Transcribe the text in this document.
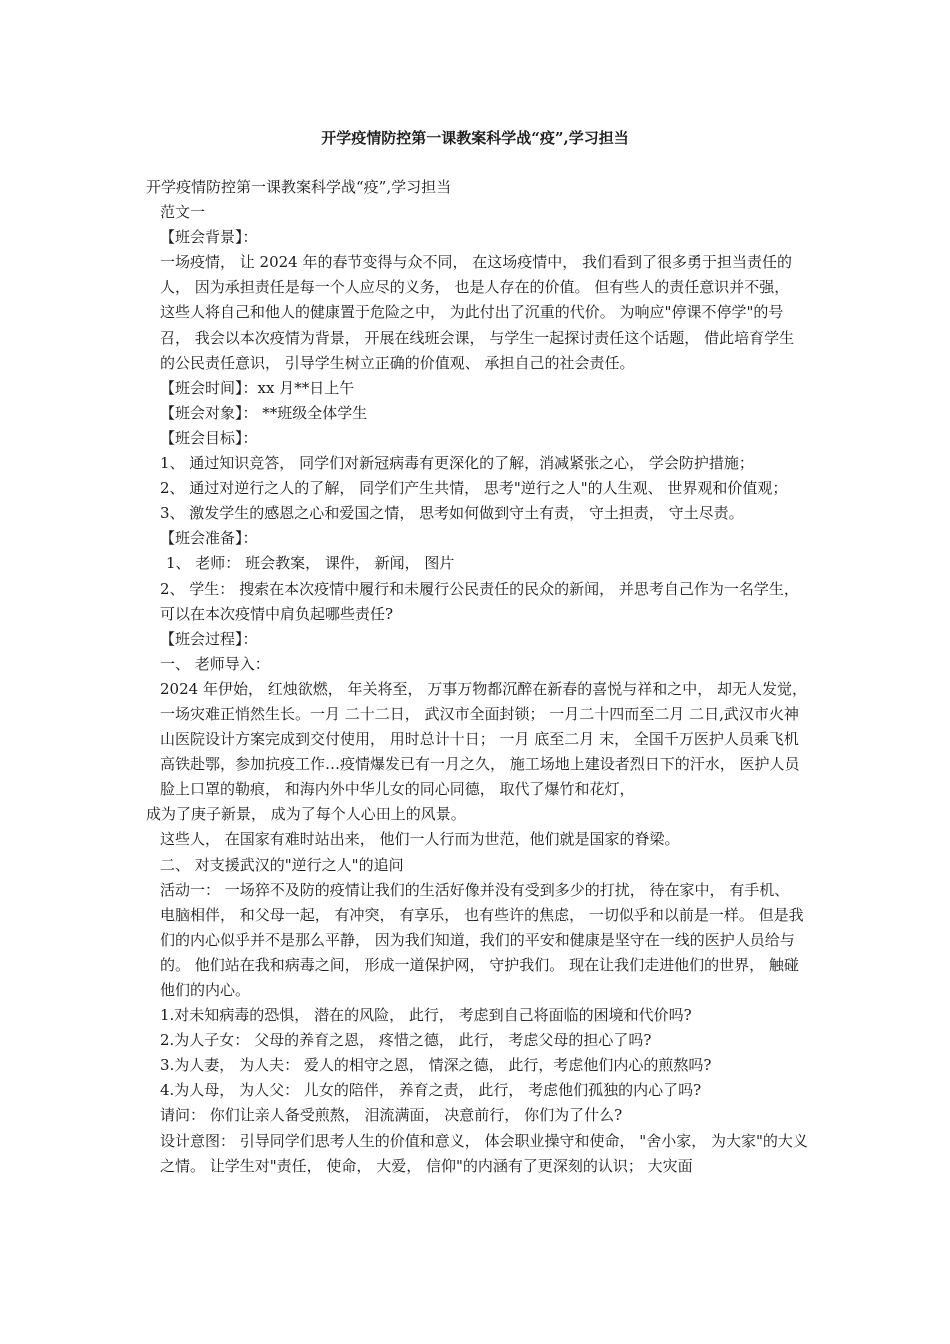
开学疫情防控第一课教案科学战“疫”,学习担当

开学疫情防控第一课教案科学战“疫”,学习担当

范文一

【班会背景】：

一场疫情， 让 2024 年的春节变得与众不同， 在这场疫情中， 我们看到了很多勇于担当责任的人， 因为承担责任是每一个人应尽的义务， 也是人存在的价值。 但有些人的责任意识并不强， 这些人将自己和他人的健康置于危险之中， 为此付出了沉重的代价。 为响应"停课不停学"的号召， 我会以本次疫情为背景， 开展在线班会课， 与学生一起探讨责任这个话题， 借此培育学生的公民责任意识， 引导学生树立正确的价值观、 承担自己的社会责任。

【班会时间】：xx 月**日上午

【班会对象】： **班级全体学生

【班会目标】：

1、 通过知识竞答， 同学们对新冠病毒有更深化的了解，消减紧张之心， 学会防护措施；

2、 通过对逆行之人的了解， 同学们产生共情， 思考"逆行之人"的人生观、 世界观和价值观；

3、 激发学生的感恩之心和爱国之情， 思考如何做到守土有责， 守土担责， 守土尽责。

【班会准备】：

1、 老师： 班会教案， 课件， 新闻， 图片

2、 学生： 搜索在本次疫情中履行和未履行公民责任的民众的新闻， 并思考自己作为一名学生， 可以在本次疫情中肩负起哪些责任?

【班会过程】：

一、 老师导入：

2024 年伊始， 红烛欲燃， 年关将至， 万事万物都沉醉在新春的喜悦与祥和之中， 却无人发觉， 一场灾难正悄然生长。一月 二十二日， 武汉市全面封锁； 一月二十四而至二月 二日,武汉市火神山医院设计方案完成到交付使用， 用时总计十日； 一月 底至二月 末， 全国千万医护人员乘飞机高铁赴鄂，参加抗疫工作…疫情爆发已有一月之久， 施工场地上建设者烈日下的汗水， 医护人员脸上口罩的勒痕， 和海内外中华儿女的同心同德， 取代了爆竹和花灯，

成为了庚子新景， 成为了每个人心田上的风景。

这些人， 在国家有难时站出来， 他们一人行而为世范，他们就是国家的脊梁。

二、 对支援武汉的"逆行之人"的追问

活动一： 一场猝不及防的疫情让我们的生活好像并没有受到多少的打扰， 待在家中， 有手机、 电脑相伴， 和父母一起， 有冲突， 有享乐， 也有些许的焦虑， 一切似乎和以前是一样。 但是我们的内心似乎并不是那么平静， 因为我们知道，我们的平安和健康是坚守在一线的医护人员给与的。 他们站在我和病毒之间， 形成一道保护网， 守护我们。 现在让我们走进他们的世界， 触碰他们的内心。

1.对未知病毒的恐惧， 潜在的风险， 此行， 考虑到自己将面临的困境和代价吗?

2.为人子女： 父母的养育之恩， 疼惜之德， 此行， 考虑父母的担心了吗?

3.为人妻， 为人夫： 爱人的相守之恩， 情深之德， 此行，考虑他们内心的煎熬吗?

4.为人母， 为人父： 儿女的陪伴， 养育之责， 此行， 考虑他们孤独的内心了吗?

请问： 你们让亲人备受煎熬， 泪流满面， 决意前行， 你们为了什么?

设计意图： 引导同学们思考人生的价值和意义， 体会职业操守和使命， "舍小家， 为大家"的大义之情。 让学生对"责任， 使命， 大爱， 信仰"的内涵有了更深刻的认识； 大灾面
